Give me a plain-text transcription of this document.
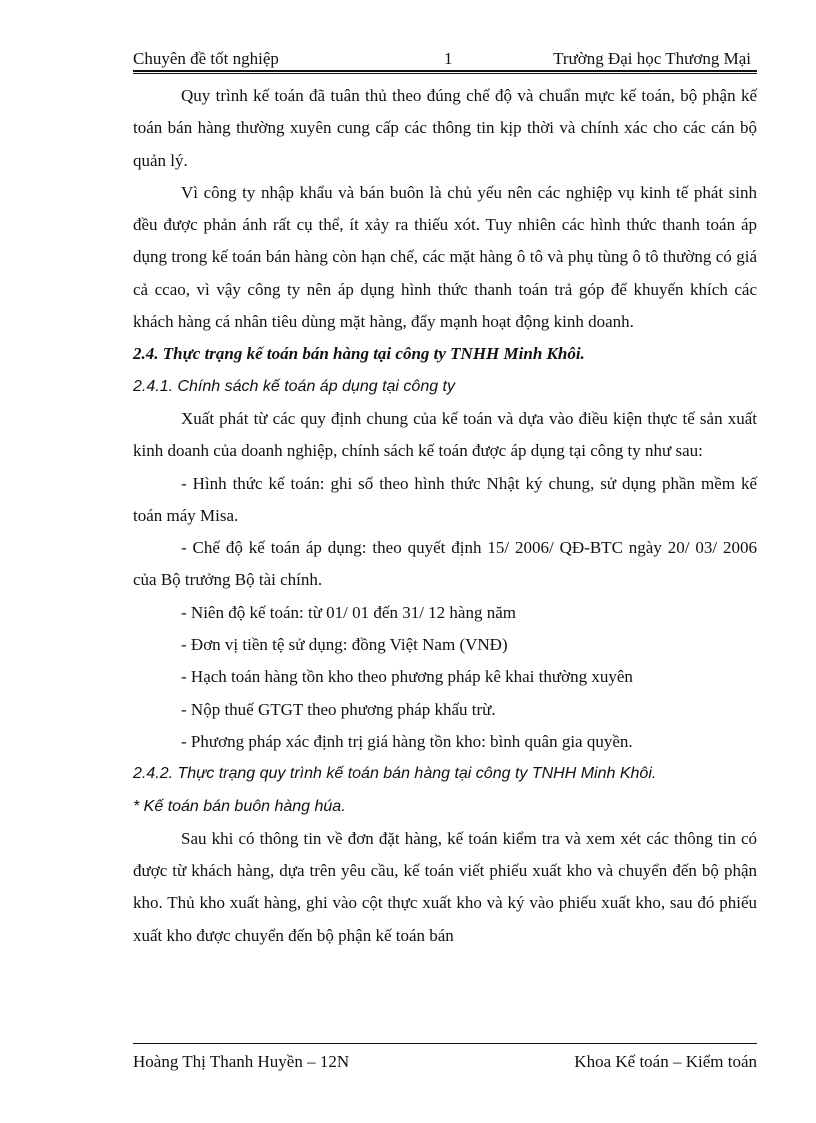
Chuyên đề tốt nghiệp	1	Trường Đại học Thương Mại

Quy trình kế toán đã tuân thủ theo đúng chế độ và chuẩn mực kế toán, bộ phận kế toán bán hàng thường xuyên cung cấp các thông tin kịp thời và chính xác cho các cán bộ quản lý.

Vì công ty nhập khẩu và bán buôn là chủ yếu nên các nghiệp vụ kinh tế phát sinh đều được phản ánh rất cụ thể, ít xảy ra thiếu xót. Tuy nhiên các hình thức thanh toán áp dụng trong kế toán bán hàng còn hạn chế, các mặt hàng ô tô và phụ tùng ô tô thường có giá cả ccao, vì vậy công ty nên áp dụng hình thức thanh toán trả góp để khuyến khích các khách hàng cá nhân tiêu dùng mặt hàng, đẩy mạnh hoạt động kinh doanh.

2.4. Thực trạng kế toán bán hàng tại công ty TNHH Minh Khôi.

2.4.1. Chính sách kế toán áp dụng tại công ty

Xuất phát từ các quy định chung của kế toán và dựa vào điều kiện thực tế sản xuất kinh doanh của doanh nghiệp, chính sách kế toán được áp dụng tại công ty như sau:

- Hình thức kế toán: ghi sổ theo hình thức Nhật ký chung, sử dụng phần mềm kế toán máy Misa.

- Chế độ kế toán áp dụng: theo quyết định 15/ 2006/ QĐ-BTC ngày 20/ 03/ 2006 của Bộ trưởng Bộ tài chính.

- Niên độ kế toán: từ 01/ 01 đến 31/ 12 hàng năm

- Đơn vị tiền tệ sử dụng: đồng Việt Nam (VNĐ)

- Hạch toán hàng tồn kho theo phương pháp kê khai thường xuyên

- Nộp thuế GTGT theo phương pháp khấu trừ.

- Phương pháp xác định trị giá hàng tồn kho: bình quân gia quyền.

2.4.2. Thực trạng quy trình kế toán bán hàng tại công ty TNHH Minh Khôi.

* Kế toán bán buôn hàng húa.

Sau khi có thông tin về đơn đặt hàng, kế toán kiểm tra và xem xét các thông tin có được từ khách hàng, dựa trên yêu cầu, kế toán viết phiếu xuất kho và chuyển đến bộ phận kho. Thủ kho xuất hàng, ghi vào cột thực xuất kho và ký vào phiếu xuất kho, sau đó phiếu xuất kho được chuyển đến bộ phận kế toán bán

Hoàng Thị Thanh Huyền – 12N	Khoa Kế toán – Kiểm toán
